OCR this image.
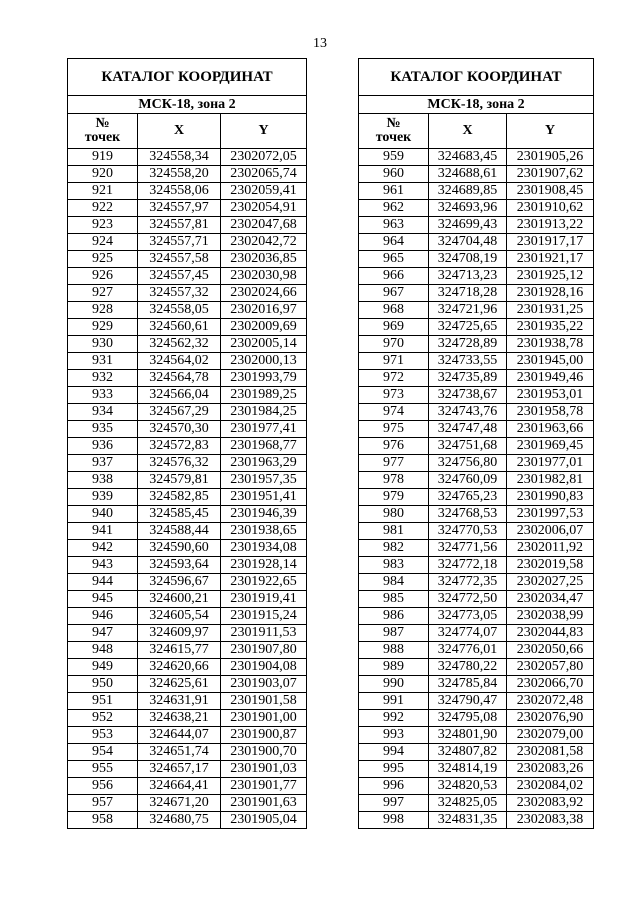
13
КАТАЛОГ КООРДИНАТ		
МСК-18, зона 2		

№
точек	X	Y
919	324558,34	2302072,05
920	324558,20	2302065,74
921	324558,06	2302059,41
922	324557,97	2302054,91
923	324557,81	2302047,68
924	324557,71	2302042,72
925	324557,58	2302036,85
926	324557,45	2302030,98
927	324557,32	2302024,66
928	324558,05	2302016,97
929	324560,61	2302009,69
930	324562,32	2302005,14
931	324564,02	2302000,13
932	324564,78	2301993,79
933	324566,04	2301989,25
934	324567,29	2301984,25
935	324570,30	2301977,41
936	324572,83	2301968,77
937	324576,32	2301963,29
938	324579,81	2301957,35
939	324582,85	2301951,41
940	324585,45	2301946,39
941	324588,44	2301938,65
942	324590,60	2301934,08
943	324593,64	2301928,14
944	324596,67	2301922,65
945	324600,21	2301919,41
946	324605,54	2301915,24
947	324609,97	2301911,53
948	324615,77	2301907,80
949	324620,66	2301904,08
950	324625,61	2301903,07
951	324631,91	2301901,58
952	324638,21	2301901,00
953	324644,07	2301900,87
954	324651,74	2301900,70
955	324657,17	2301901,03
956	324664,41	2301901,77
957	324671,20	2301901,63
958	324680,75	2301905,04
КАТАЛОГ КООРДИНАТ		
МСК-18, зона 2		

№
точек	X	Y
959	324683,45	2301905,26
960	324688,61	2301907,62
961	324689,85	2301908,45
962	324693,96	2301910,62
963	324699,43	2301913,22
964	324704,48	2301917,17
965	324708,19	2301921,17
966	324713,23	2301925,12
967	324718,28	2301928,16
968	324721,96	2301931,25
969	324725,65	2301935,22
970	324728,89	2301938,78
971	324733,55	2301945,00
972	324735,89	2301949,46
973	324738,67	2301953,01
974	324743,76	2301958,78
975	324747,48	2301963,66
976	324751,68	2301969,45
977	324756,80	2301977,01
978	324760,09	2301982,81
979	324765,23	2301990,83
980	324768,53	2301997,53
981	324770,53	2302006,07
982	324771,56	2302011,92
983	324772,18	2302019,58
984	324772,35	2302027,25
985	324772,50	2302034,47
986	324773,05	2302038,99
987	324774,07	2302044,83
988	324776,01	2302050,66
989	324780,22	2302057,80
990	324785,84	2302066,70
991	324790,47	2302072,48
992	324795,08	2302076,90
993	324801,90	2302079,00
994	324807,82	2302081,58
995	324814,19	2302083,26
996	324820,53	2302084,02
997	324825,05	2302083,92
998	324831,35	2302083,38
